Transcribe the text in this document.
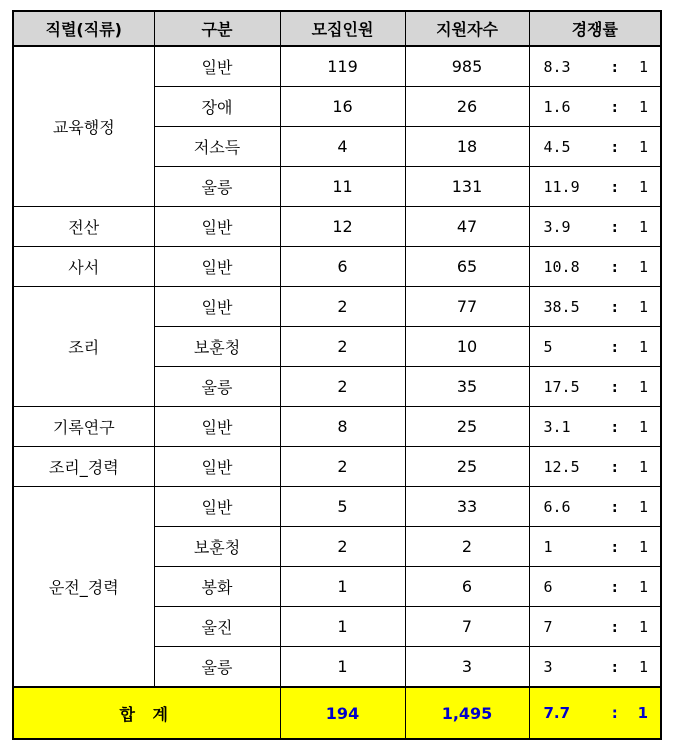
직렬(직류)	구분	모집인원	지원자수	경쟁률
교육행정	일반	119	985	8.3 : 1

	장애	16	26	1.6 : 1

	저소득	4	18	4.5 : 1

	울릉	11	131	11.9 : 1

전산	일반	12	47	3.9 : 1

사서	일반	6	65	10.8 : 1

조리	일반	2	77	38.5 : 1

	보훈청	2	10	5 : 1

	울릉	2	35	17.5 : 1

기록연구	일반	8	25	3.1 : 1

조리_경력	일반	2	25	12.5 : 1

운전_경력	일반	5	33	6.6 : 1

	보훈청	2	2	1 : 1

	봉화	1	6	6 : 1

	울진	1	7	7 : 1

	울릉	1	3	3 : 1

합 계		194	1,495	7.7 : 1
